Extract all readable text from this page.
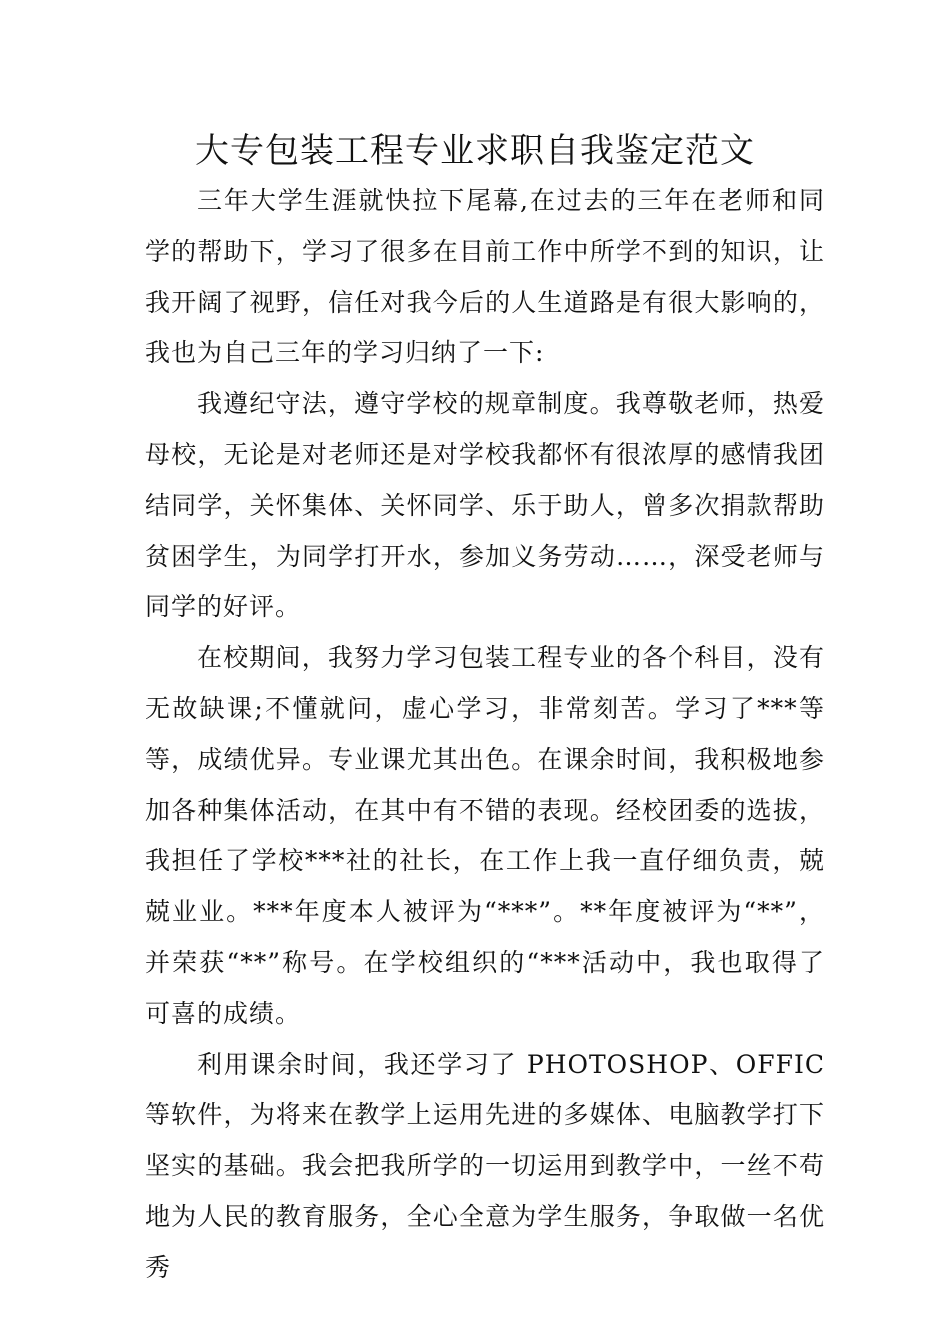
大专包装工程专业求职自我鉴定范文

三年大学生涯就快拉下尾幕,在过去的三年在老师和同学的帮助下，学习了很多在目前工作中所学不到的知识，让我开阔了视野，信任对我今后的人生道路是有很大影响的，我也为自己三年的学习归纳了一下:

我遵纪守法，遵守学校的规章制度。我尊敬老师，热爱母校，无论是对老师还是对学校我都怀有很浓厚的感情我团结同学，关怀集体、关怀同学、乐于助人，曾多次捐款帮助贫困学生，为同学打开水，参加义务劳动……，深受老师与同学的好评。

在校期间，我努力学习包装工程专业的各个科目，没有无故缺课;不懂就问，虚心学习，非常刻苦。学习了***等等，成绩优异。专业课尤其出色。在课余时间，我积极地参加各种集体活动，在其中有不错的表现。经校团委的选拔，我担任了学校***社的社长，在工作上我一直仔细负责，兢兢业业。***年度本人被评为“***”。**年度被评为“**”，并荣获“**”称号。在学校组织的“***活动中，我也取得了可喜的成绩。

利用课余时间，我还学习了 PHOTOSHOP、OFFIC 等软件，为将来在教学上运用先进的多媒体、电脑教学打下坚实的基础。我会把我所学的一切运用到教学中，一丝不苟地为人民的教育服务，全心全意为学生服务，争取做一名优秀
